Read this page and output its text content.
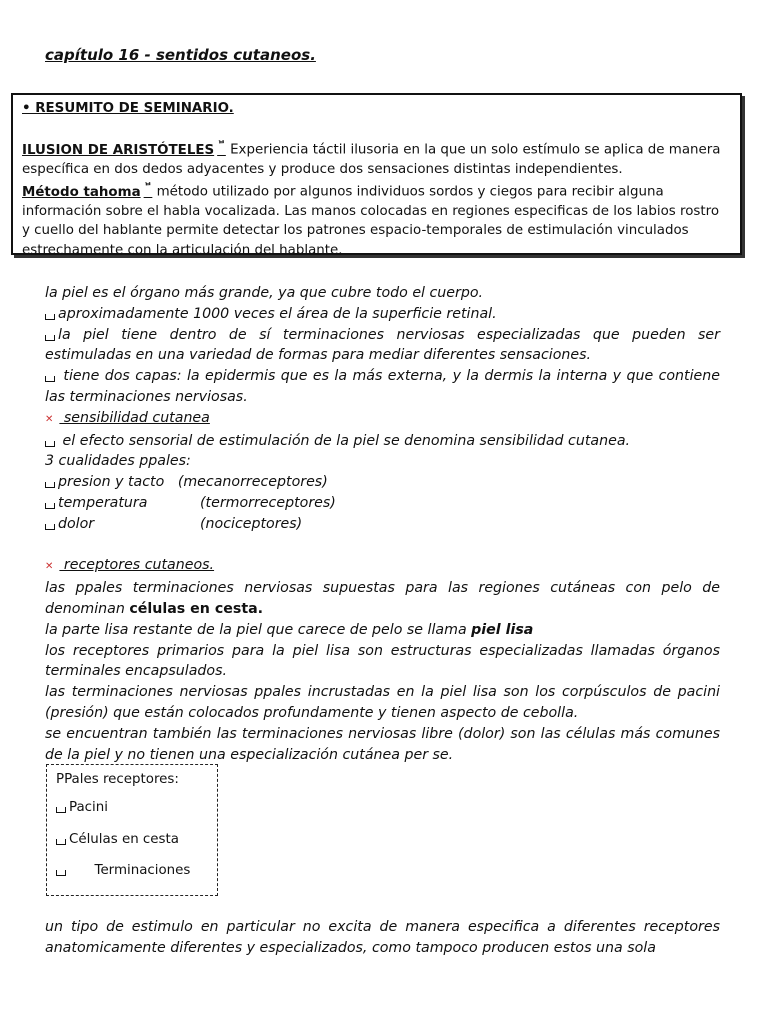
capítulo 16 - sentidos cutaneos.
• RESUMITO DE SEMINARIO.
ILUSION DE ARISTÓTELES $^ᄇ$ Experiencia táctil ilusoria en la que un solo estímulo se aplica de manera específica en dos dedos adyacentes y produce dos sensaciones distintas independientes.
Método tahoma $^ᄇ$ método utilizado por algunos individuos sordos y ciegos para recibir alguna información sobre el habla vocalizada. Las manos colocadas en regiones especificas de los labios rostro y cuello del hablante permite detectar los patrones espacio-temporales de estimulación vinculados estrechamente con la articulación del hablante.
la piel es el órgano más grande, ya que cubre todo el cuerpo.
aproximadamente 1000 veces el área de la superficie retinal.
la piel tiene dentro de sí terminaciones nerviosas especializadas que pueden ser estimuladas en una variedad de formas para mediar diferentes sensaciones.
tiene dos capas: la epidermis que es la más externa, y la dermis la interna y que contiene las terminaciones nerviosas.
✕ sensibilidad cutanea
el efecto sensorial de estimulación de la piel se denomina sensibilidad cutanea.
3 cualidades ppales:
presion y tacto (mecanorreceptores)
temperatura	(termorreceptores)
dolor	(nociceptores)

✕ receptores cutaneos.
las ppales terminaciones nerviosas supuestas para las regiones cutáneas con pelo de denominan células en cesta.
la parte lisa restante de la piel que carece de pelo se llama piel lisa
los receptores primarios para la piel lisa son estructuras especializadas llamadas órganos terminales encapsulados.
las terminaciones nerviosas ppales incrustadas en la piel lisa son los corpúsculos de pacini (presión) que están colocados profundamente y tienen aspecto de cebolla.
se encuentran también las terminaciones nerviosas libre (dolor) son las células más comunes de la piel y no tienen una especialización cutánea per se.
PPales receptores:
Pacini
Células en cesta
Terminaciones
un tipo de estimulo en particular no excita de manera especifica a diferentes receptores anatomicamente diferentes y especializados, como tampoco producen estos una sola
